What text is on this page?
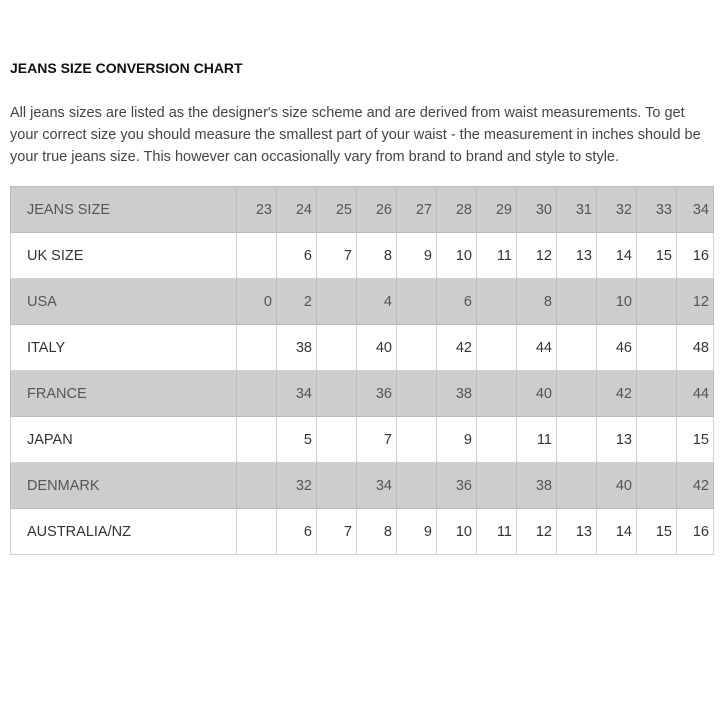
JEANS SIZE CONVERSION CHART

All jeans sizes are listed as the designer's size scheme and are derived from waist measurements. To get your correct size you should measure the smallest part of your waist - the measurement in inches should be your true jeans size. This however can occasionally vary from brand to brand and style to style.

JEANS SIZE	23	24	25	26	27	28	29	30	31	32	33	34
UK SIZE		6	7	8	9	10	11	12	13	14	15	16
USA	0	2		4		6		8		10		12
ITALY		38		40		42		44		46		48
FRANCE		34		36		38		40		42		44
JAPAN		5		7		9		11		13		15
DENMARK		32		34		36		38		40		42
AUSTRALIA/NZ		6	7	8	9	10	11	12	13	14	15	16
